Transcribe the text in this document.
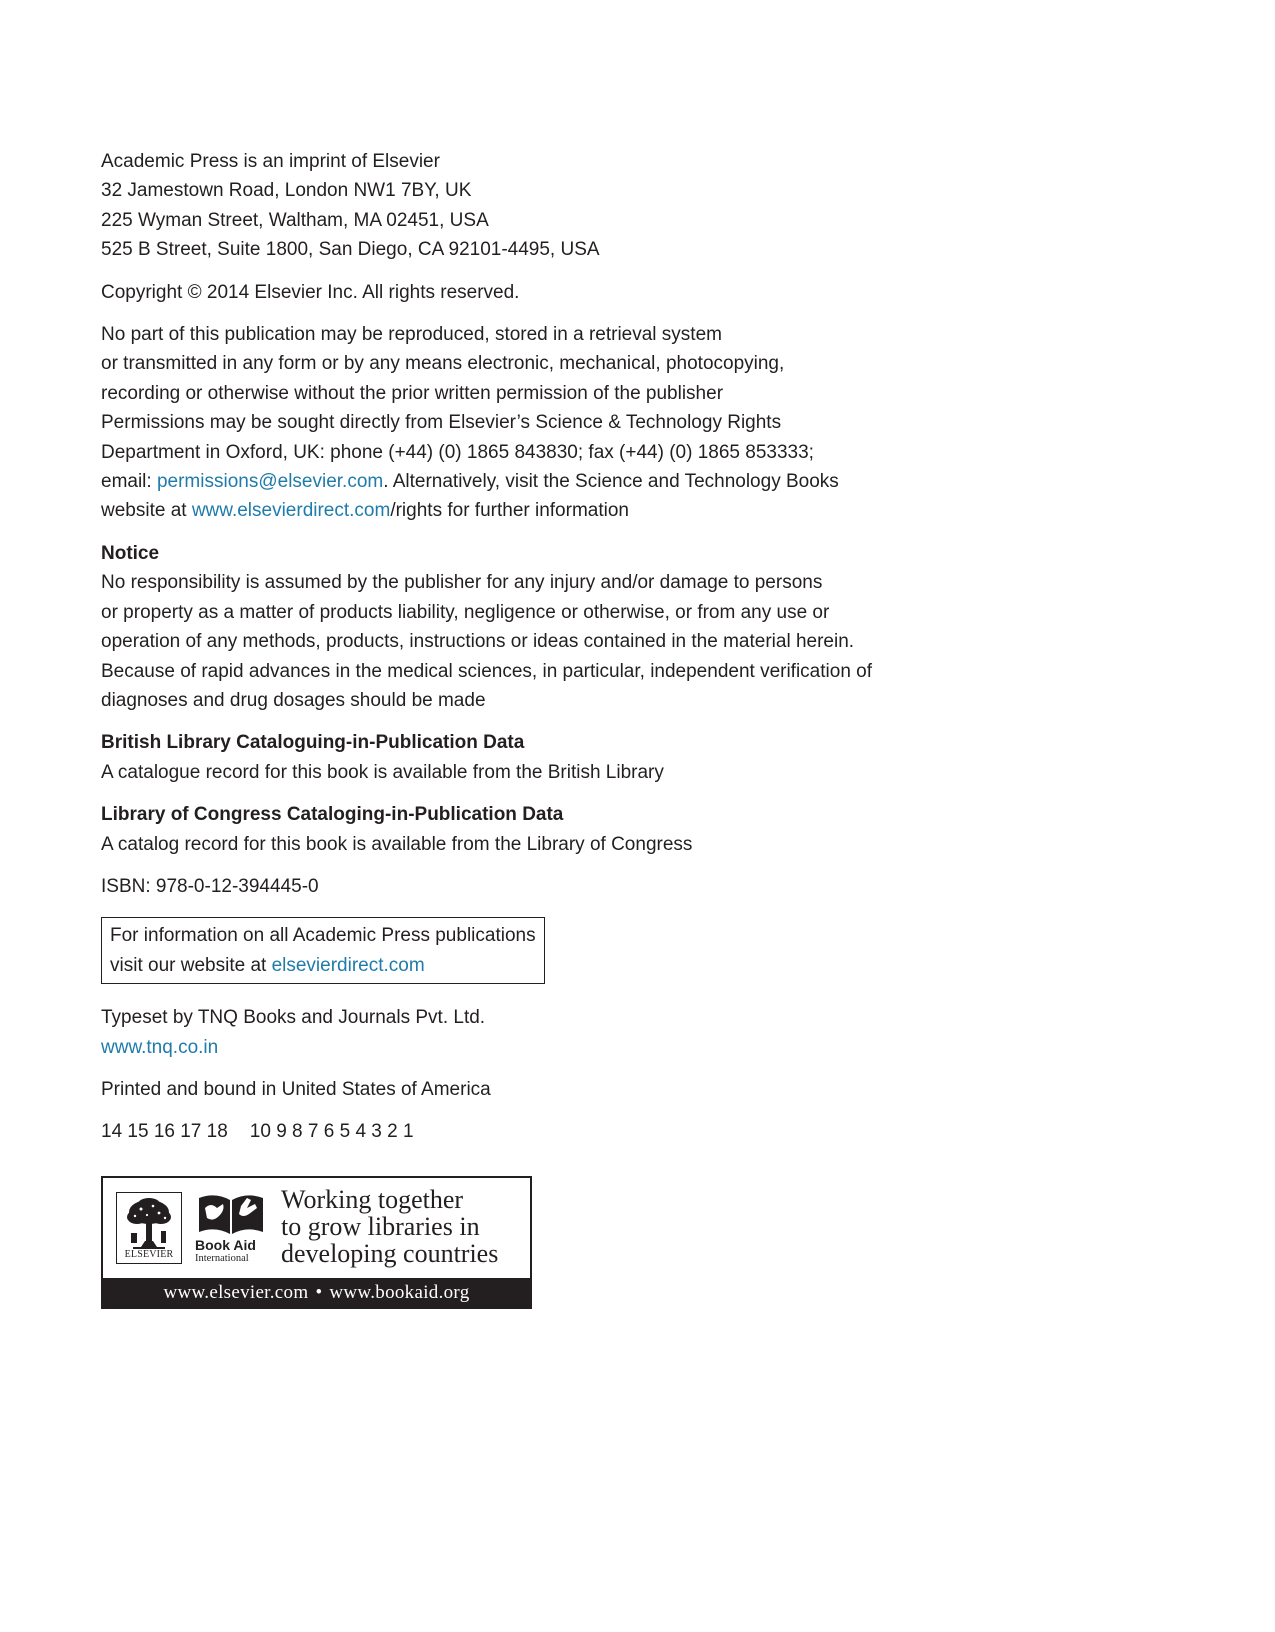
Academic Press is an imprint of Elsevier
32 Jamestown Road, London NW1 7BY, UK
225 Wyman Street, Waltham, MA 02451, USA
525 B Street, Suite 1800, San Diego, CA 92101-4495, USA
Copyright © 2014 Elsevier Inc. All rights reserved.
No part of this publication may be reproduced, stored in a retrieval system
or transmitted in any form or by any means electronic, mechanical, photocopying,
recording or otherwise without the prior written permission of the publisher
Permissions may be sought directly from Elsevier’s Science & Technology Rights
Department in Oxford, UK: phone (+44) (0) 1865 843830; fax (+44) (0) 1865 853333;
email: permissions@elsevier.com. Alternatively, visit the Science and Technology Books
website at www.elsevierdirect.com/rights for further information
Notice
No responsibility is assumed by the publisher for any injury and/or damage to persons
or property as a matter of products liability, negligence or otherwise, or from any use or
operation of any methods, products, instructions or ideas contained in the material herein.
Because of rapid advances in the medical sciences, in particular, independent verification of
diagnoses and drug dosages should be made
British Library Cataloguing-in-Publication Data
A catalogue record for this book is available from the British Library
Library of Congress Cataloging-in-Publication Data
A catalog record for this book is available from the Library of Congress
ISBN: 978-0-12-394445-0
For information on all Academic Press publications
visit our website at elsevierdirect.com
Typeset by TNQ Books and Journals Pvt. Ltd.
www.tnq.co.in
Printed and bound in United States of America
14 15 16 17 18 10 9 8 7 6 5 4 3 2 1
ELSEVIER
Book Aid
International
Working together
to grow libraries in
developing countries
www.elsevier.com • www.bookaid.org
